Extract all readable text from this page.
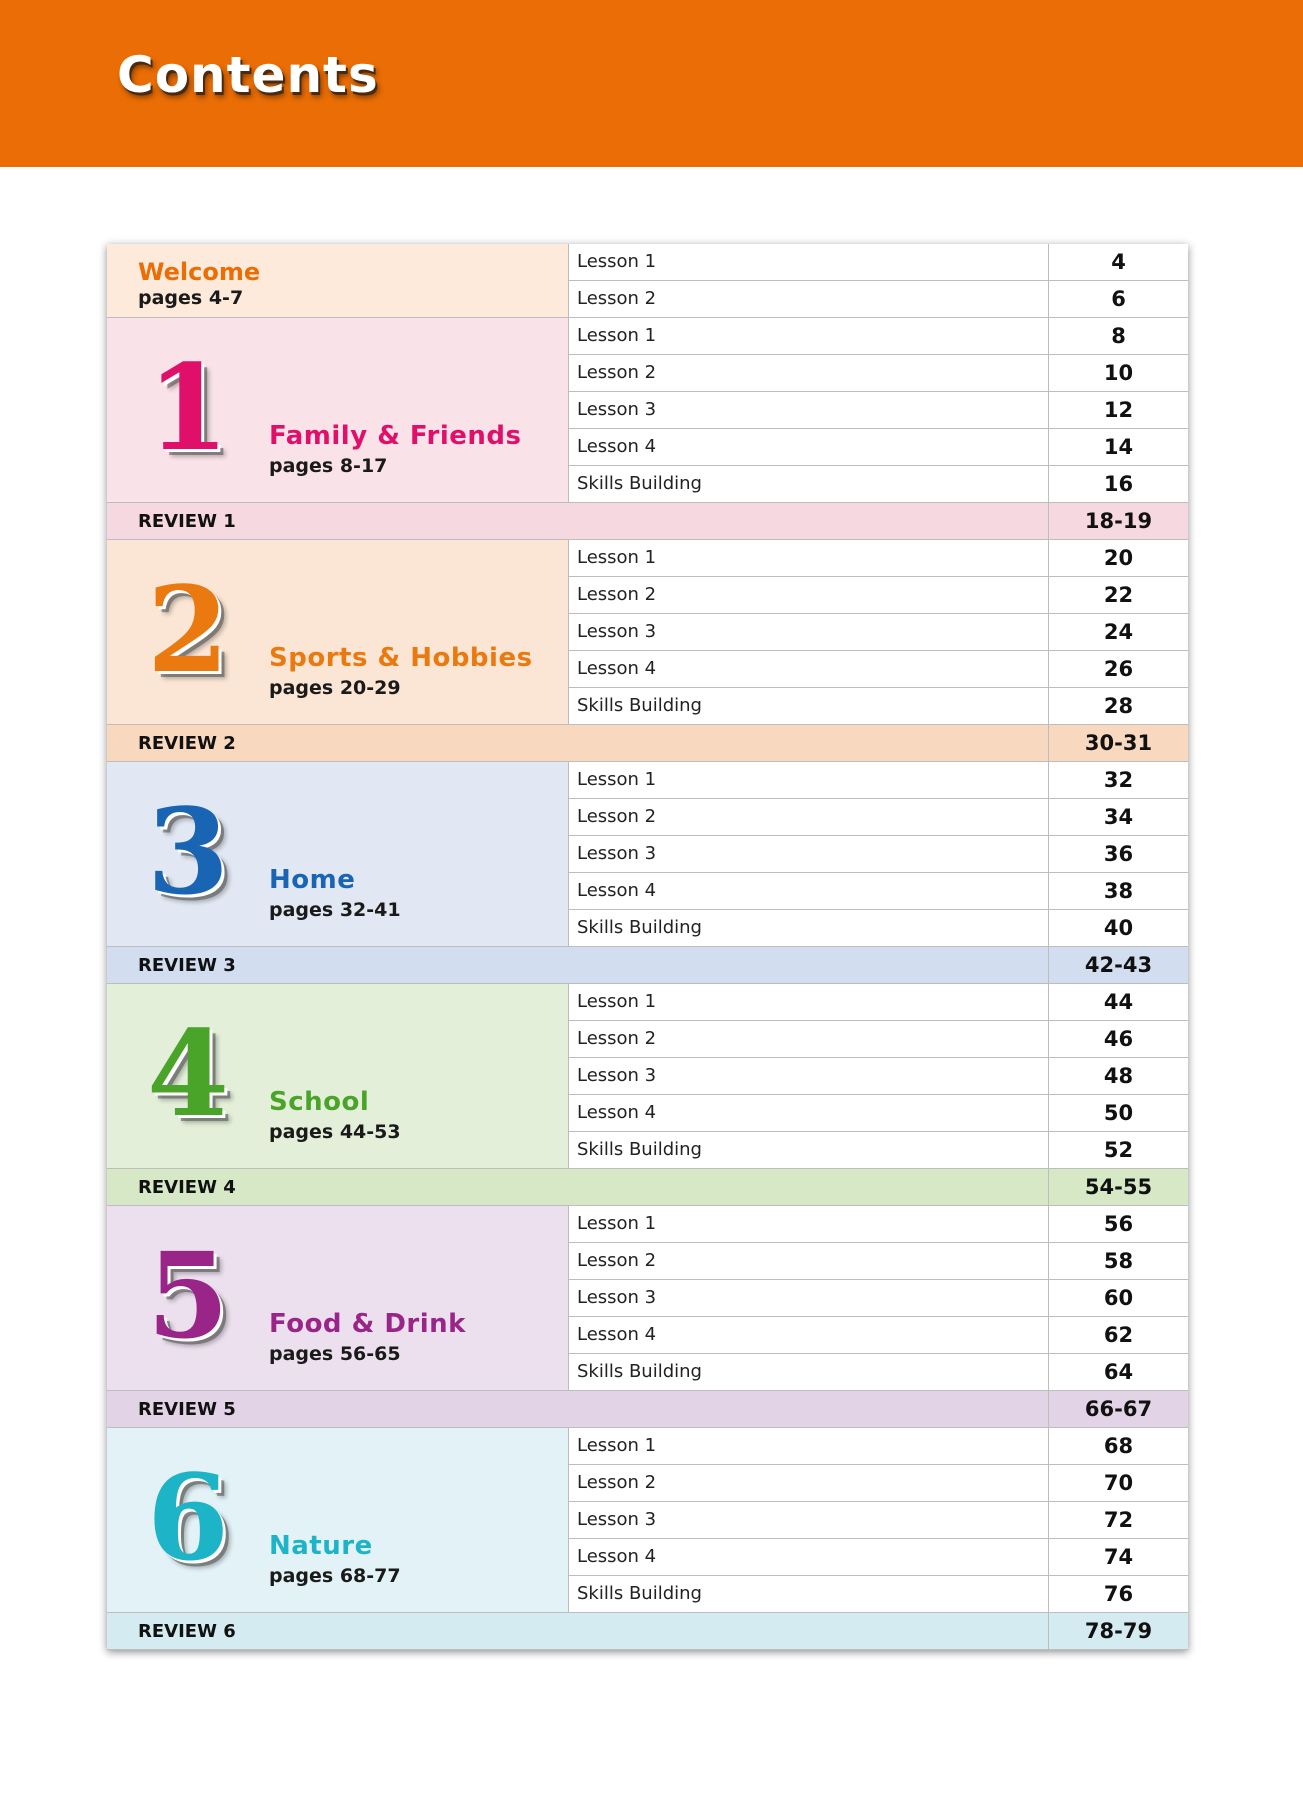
Contents
Welcome
pages 4-7
Lesson 1	4
Lesson 2	6
1 Family & Friends
pages 8-17
Lesson 1	8
Lesson 2	10
Lesson 3	12
Lesson 4	14
Skills Building	16
REVIEW 1	18-19
2 Sports & Hobbies
pages 20-29
Lesson 1	20
Lesson 2	22
Lesson 3	24
Lesson 4	26
Skills Building	28
REVIEW 2	30-31
3 Home
pages 32-41
Lesson 1	32
Lesson 2	34
Lesson 3	36
Lesson 4	38
Skills Building	40
REVIEW 3	42-43
4 School
pages 44-53
Lesson 1	44
Lesson 2	46
Lesson 3	48
Lesson 4	50
Skills Building	52
REVIEW 4	54-55
5 Food & Drink
pages 56-65
Lesson 1	56
Lesson 2	58
Lesson 3	60
Lesson 4	62
Skills Building	64
REVIEW 5	66-67
6 Nature
pages 68-77
Lesson 1	68
Lesson 2	70
Lesson 3	72
Lesson 4	74
Skills Building	76
REVIEW 6	78-79
